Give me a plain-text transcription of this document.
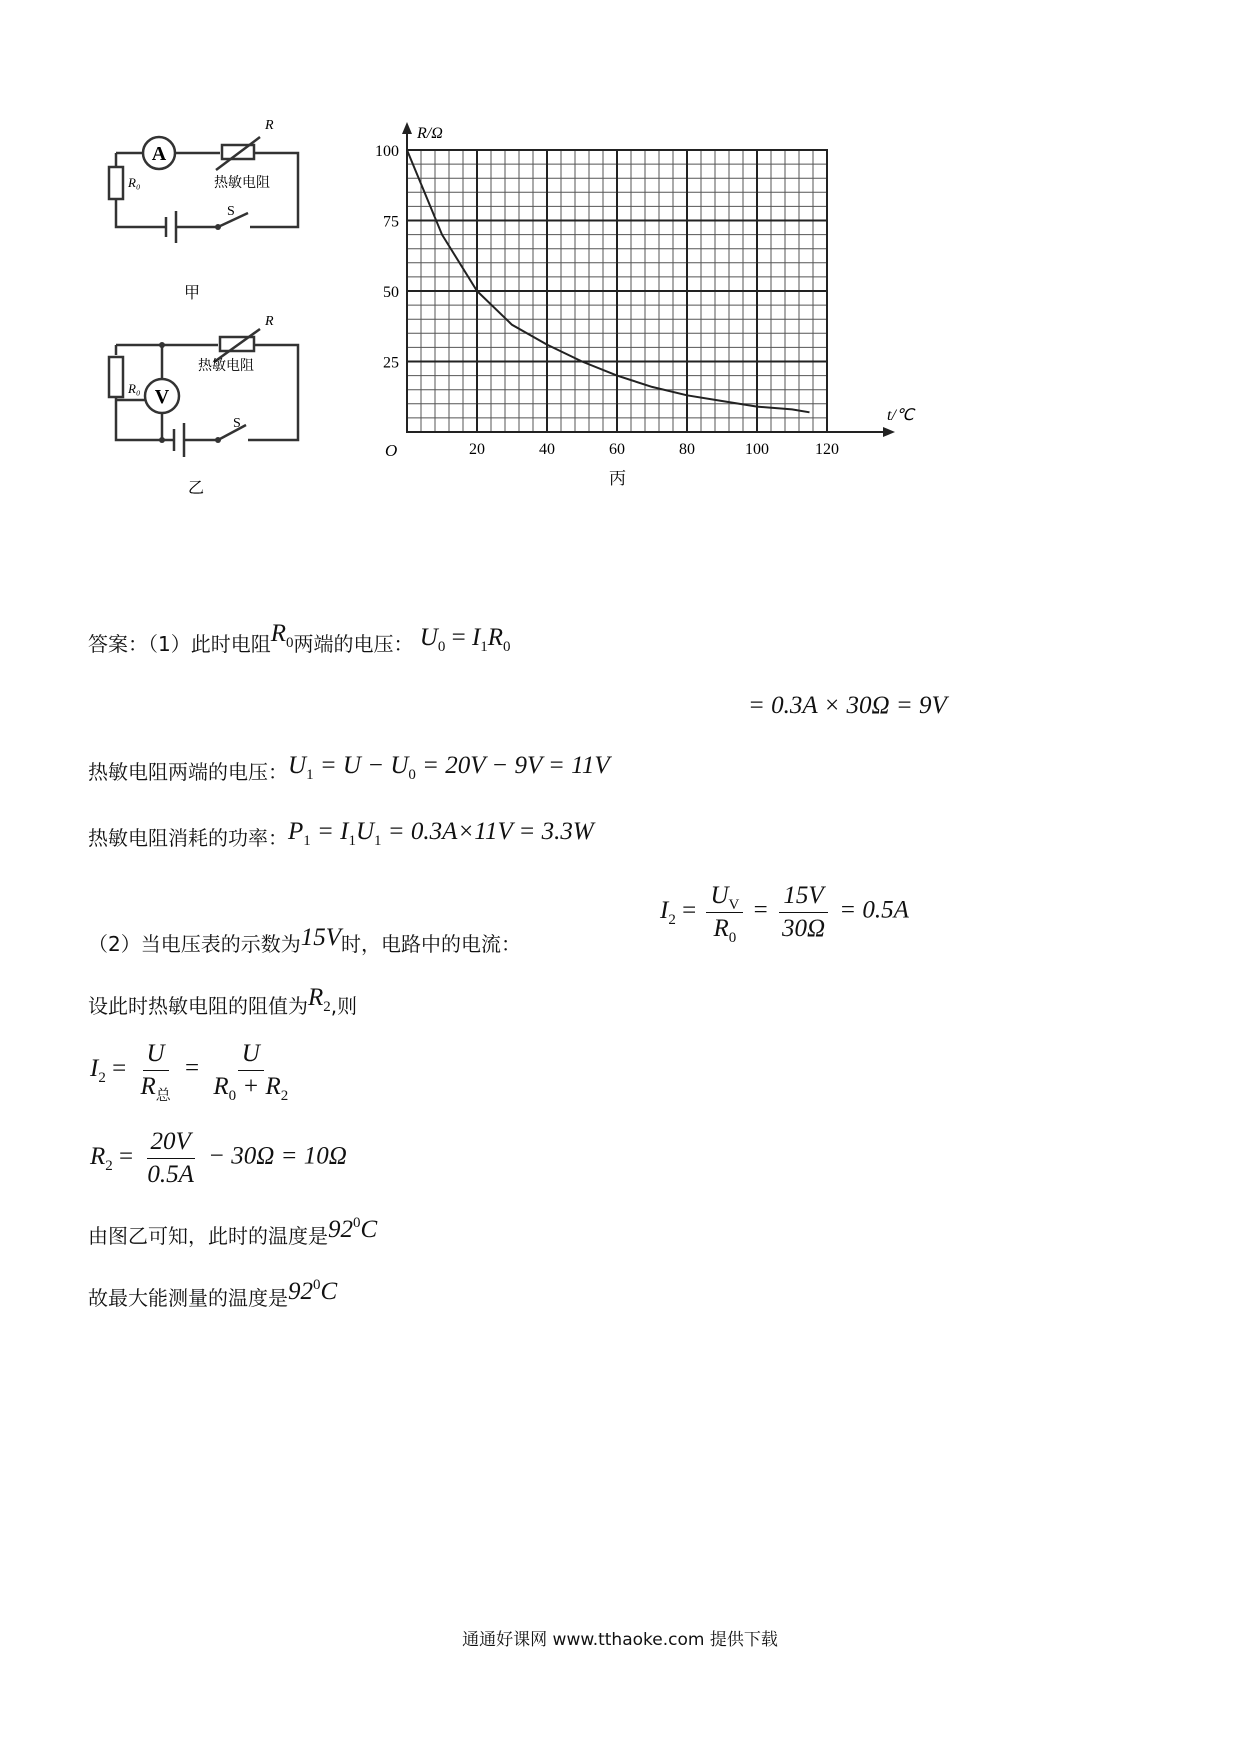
A
R
热敏电阻
R₀
S
甲
V
R
热敏电阻
R₀
S
乙
20	40	60	80	100	120
25
50
75
100
R/Ω
t/℃
O
丙
答案：（1）此时电阻$R_0$两端的电压： $U_0 = I_1R_0$
= 0.3A × 30Ω = 9V
热敏电阻两端的电压：$U_1 = U - U_0 = 20V - 9V = 11V$
热敏电阻消耗的功率：$P_1 = I_1U_1 = 0.3A\times 11V = 3.3W$
$I_2 = \frac{U_V}{R_0} = \frac{15V}{30\Omega} = 0.5A$
（2）当电压表的示数为15V时，电路中的电流：
设此时热敏电阻的阻值为$R_2$,则
$I_2 = \frac{U}{R_总} = \frac{U}{R_0 + R_2}$
$R_2 = \frac{20V}{0.5A} - 30\Omega = 10\Omega$
由图乙可知，此时的温度是$92^0C$
故最大能测量的温度是$92^0C$
通通好课网 www.tthaoke.com 提供下载
